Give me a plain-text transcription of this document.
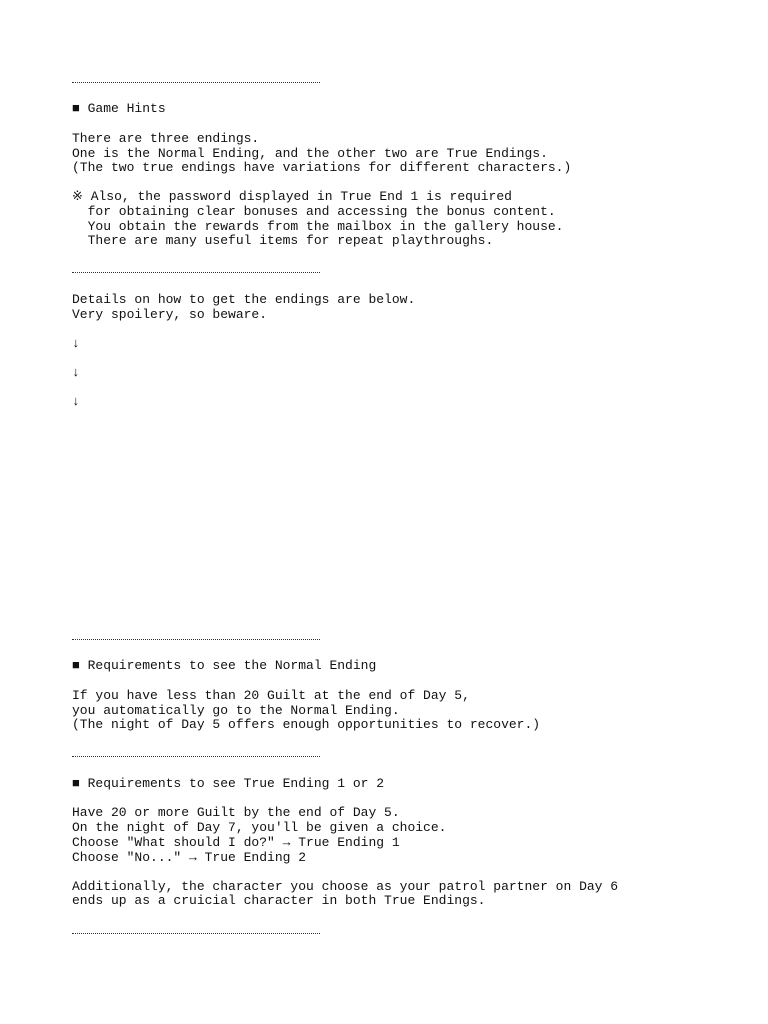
■ Game Hints
There are three endings.
One is the Normal Ending, and the other two are True Endings.
(The two true endings have variations for different characters.)
※ Also, the password displayed in True End 1 is required
for obtaining clear bonuses and accessing the bonus content.
You obtain the rewards from the mailbox in the gallery house.
There are many useful items for repeat playthroughs.
Details on how to get the endings are below.
Very spoilery, so beware.
↓
↓
↓
■ Requirements to see the Normal Ending
If you have less than 20 Guilt at the end of Day 5,
you automatically go to the Normal Ending.
(The night of Day 5 offers enough opportunities to recover.)
■ Requirements to see True Ending 1 or 2
Have 20 or more Guilt by the end of Day 5.
On the night of Day 7, you'll be given a choice.
Choose "What should I do?" → True Ending 1
Choose "No..." → True Ending 2
Additionally, the character you choose as your patrol partner on Day 6
ends up as a cruicial character in both True Endings.
